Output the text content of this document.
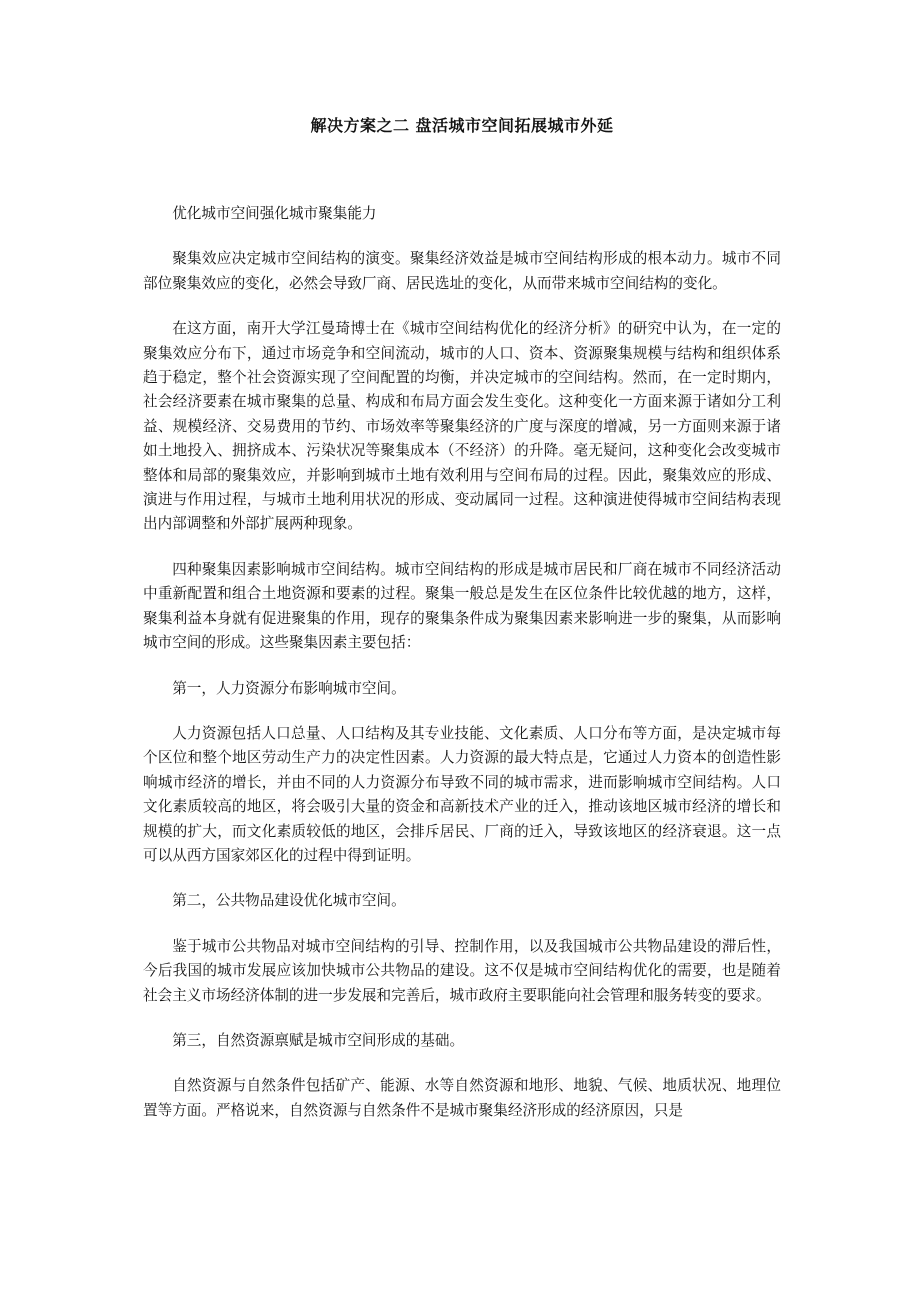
解决方案之二 盘活城市空间拓展城市外延

优化城市空间强化城市聚集能力

聚集效应决定城市空间结构的演变。聚集经济效益是城市空间结构形成的根本动力。城市不同部位聚集效应的变化，必然会导致厂商、居民选址的变化，从而带来城市空间结构的变化。

在这方面，南开大学江曼琦博士在《城市空间结构优化的经济分析》的研究中认为，在一定的聚集效应分布下，通过市场竞争和空间流动，城市的人口、资本、资源聚集规模与结构和组织体系趋于稳定，整个社会资源实现了空间配置的均衡，并决定城市的空间结构。然而，在一定时期内，社会经济要素在城市聚集的总量、构成和布局方面会发生变化。这种变化一方面来源于诸如分工利益、规模经济、交易费用的节约、市场效率等聚集经济的广度与深度的增减，另一方面则来源于诸如土地投入、拥挤成本、污染状况等聚集成本（不经济）的升降。毫无疑问，这种变化会改变城市整体和局部的聚集效应，并影响到城市土地有效利用与空间布局的过程。因此，聚集效应的形成、演进与作用过程，与城市土地利用状况的形成、变动属同一过程。这种演进使得城市空间结构表现出内部调整和外部扩展两种现象。

四种聚集因素影响城市空间结构。城市空间结构的形成是城市居民和厂商在城市不同经济活动中重新配置和组合土地资源和要素的过程。聚集一般总是发生在区位条件比较优越的地方，这样，聚集利益本身就有促进聚集的作用，现存的聚集条件成为聚集因素来影响进一步的聚集，从而影响城市空间的形成。这些聚集因素主要包括：

第一，人力资源分布影响城市空间。

人力资源包括人口总量、人口结构及其专业技能、文化素质、人口分布等方面，是决定城市每个区位和整个地区劳动生产力的决定性因素。人力资源的最大特点是，它通过人力资本的创造性影响城市经济的增长，并由不同的人力资源分布导致不同的城市需求，进而影响城市空间结构。人口文化素质较高的地区，将会吸引大量的资金和高新技术产业的迁入，推动该地区城市经济的增长和规模的扩大，而文化素质较低的地区，会排斥居民、厂商的迁入，导致该地区的经济衰退。这一点可以从西方国家郊区化的过程中得到证明。

第二，公共物品建设优化城市空间。

鉴于城市公共物品对城市空间结构的引导、控制作用，以及我国城市公共物品建设的滞后性，今后我国的城市发展应该加快城市公共物品的建设。这不仅是城市空间结构优化的需要，也是随着社会主义市场经济体制的进一步发展和完善后，城市政府主要职能向社会管理和服务转变的要求。

第三，自然资源禀赋是城市空间形成的基础。

自然资源与自然条件包括矿产、能源、水等自然资源和地形、地貌、气候、地质状况、地理位置等方面。严格说来，自然资源与自然条件不是城市聚集经济形成的经济原因，只是
